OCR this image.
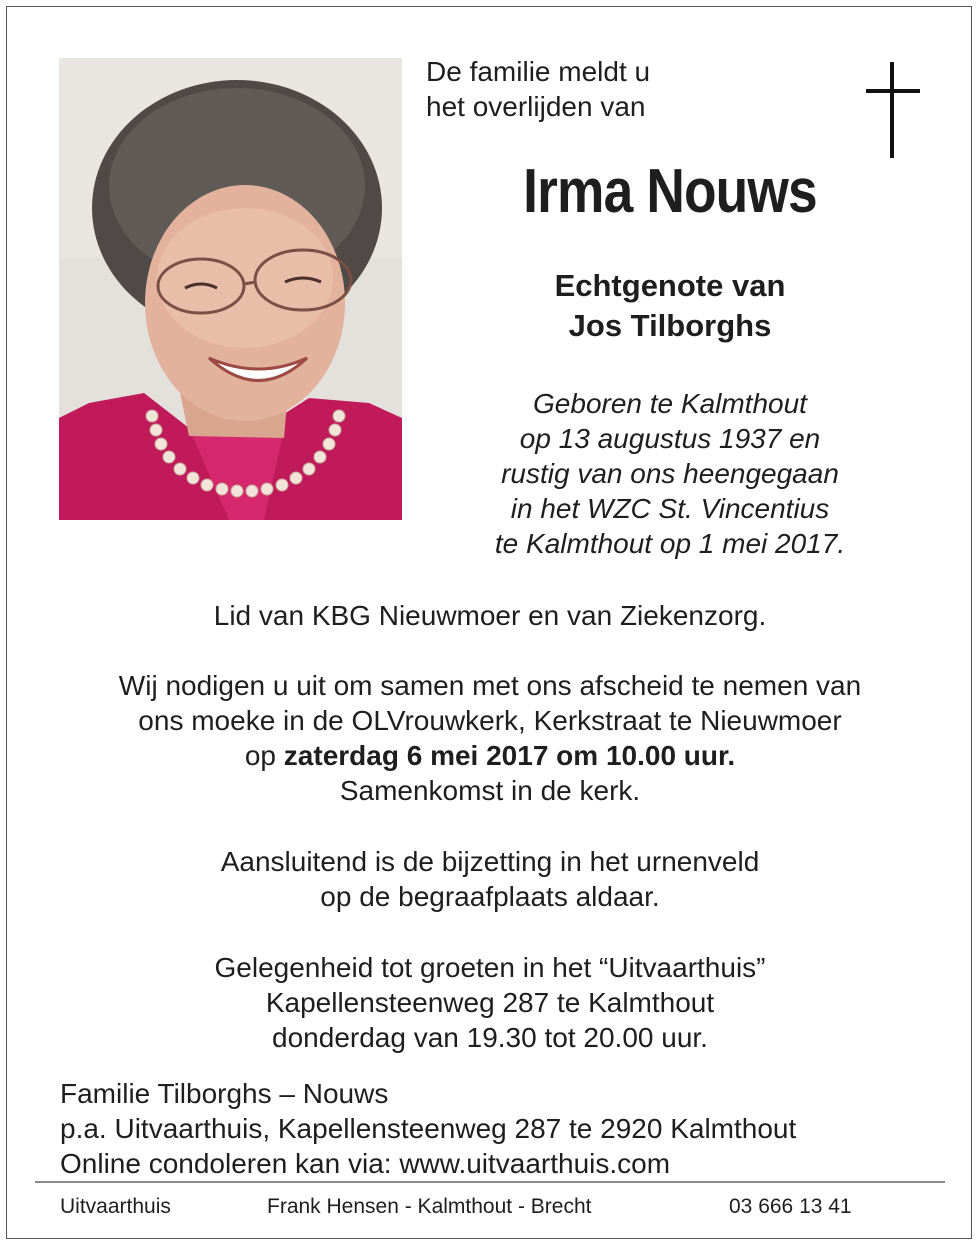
De familie meldt u
het overlijden van
Irma Nouws
Echtgenote van
Jos Tilborghs
Geboren te Kalmthout
op 13 augustus 1937 en
rustig van ons heengegaan
in het WZC St. Vincentius
te Kalmthout op 1 mei 2017.
Lid van KBG Nieuwmoer en van Ziekenzorg.
Wij nodigen u uit om samen met ons afscheid te nemen van
ons moeke in de OLVrouwkerk, Kerkstraat te Nieuwmoer
op zaterdag 6 mei 2017 om 10.00 uur.
Samenkomst in de kerk.
Aansluitend is de bijzetting in het urnenveld
op de begraafplaats aldaar.
Gelegenheid tot groeten in het “Uitvaarthuis”
Kapellensteenweg 287 te Kalmthout
donderdag van 19.30 tot 20.00 uur.
Familie Tilborghs – Nouws
p.a. Uitvaarthuis, Kapellensteenweg 287 te 2920 Kalmthout
Online condoleren kan via: www.uitvaarthuis.com
Uitvaarthuis	Frank Hensen - Kalmthout - Brecht	03 666 13 41
